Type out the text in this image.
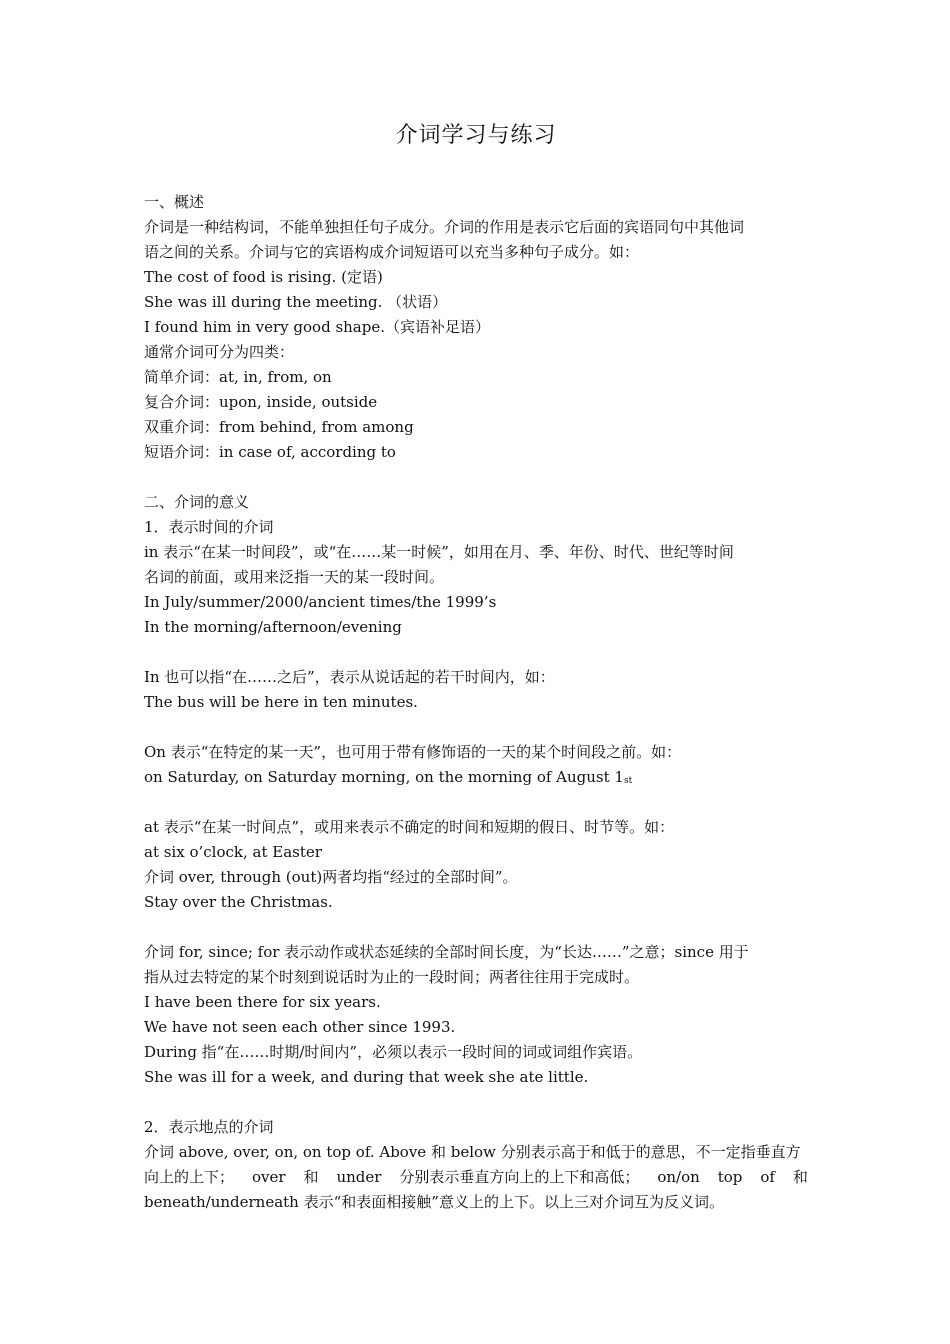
介词学习与练习
一、概述
介词是一种结构词，不能单独担任句子成分。介词的作用是表示它后面的宾语同句中其他词
语之间的关系。介词与它的宾语构成介词短语可以充当多种句子成分。如：
The cost of food is rising. (定语)
She was ill during the meeting. （状语）
I found him in very good shape.（宾语补足语）
通常介词可分为四类：
简单介词：at, in, from, on
复合介词：upon, inside, outside
双重介词：from behind, from among
短语介词：in case of, according to
二、介词的意义
1．表示时间的介词
in 表示“在某一时间段”，或“在……某一时候”，如用在月、季、年份、时代、世纪等时间
名词的前面，或用来泛指一天的某一段时间。
In July/summer/2000/ancient times/the 1999’s
In the morning/afternoon/evening
In 也可以指“在……之后”，表示从说话起的若干时间内，如：
The bus will be here in ten minutes.
On 表示“在特定的某一天”，也可用于带有修饰语的一天的某个时间段之前。如：
on Saturday, on Saturday morning, on the morning of August 1st
at 表示“在某一时间点”，或用来表示不确定的时间和短期的假日、时节等。如：
at six o’clock, at Easter
介词 over, through (out)两者均指“经过的全部时间”。
Stay over the Christmas.
介词 for, since; for 表示动作或状态延续的全部时间长度，为“长达……”之意；since 用于
指从过去特定的某个时刻到说话时为止的一段时间；两者往往用于完成时。
I have been there for six years.
We have not seen each other since 1993.
During 指“在……时期/时间内”，必须以表示一段时间的词或词组作宾语。
She was ill for a week, and during that week she ate little.
2．表示地点的介词
介词 above, over, on, on top of. Above 和 below 分别表示高于和低于的意思，不一定指垂直方
向上的上下； over 和 under 分别表示垂直方向上的上下和高低； on/on top of 和
beneath/underneath 表示“和表面相接触”意义上的上下。以上三对介词互为反义词。
